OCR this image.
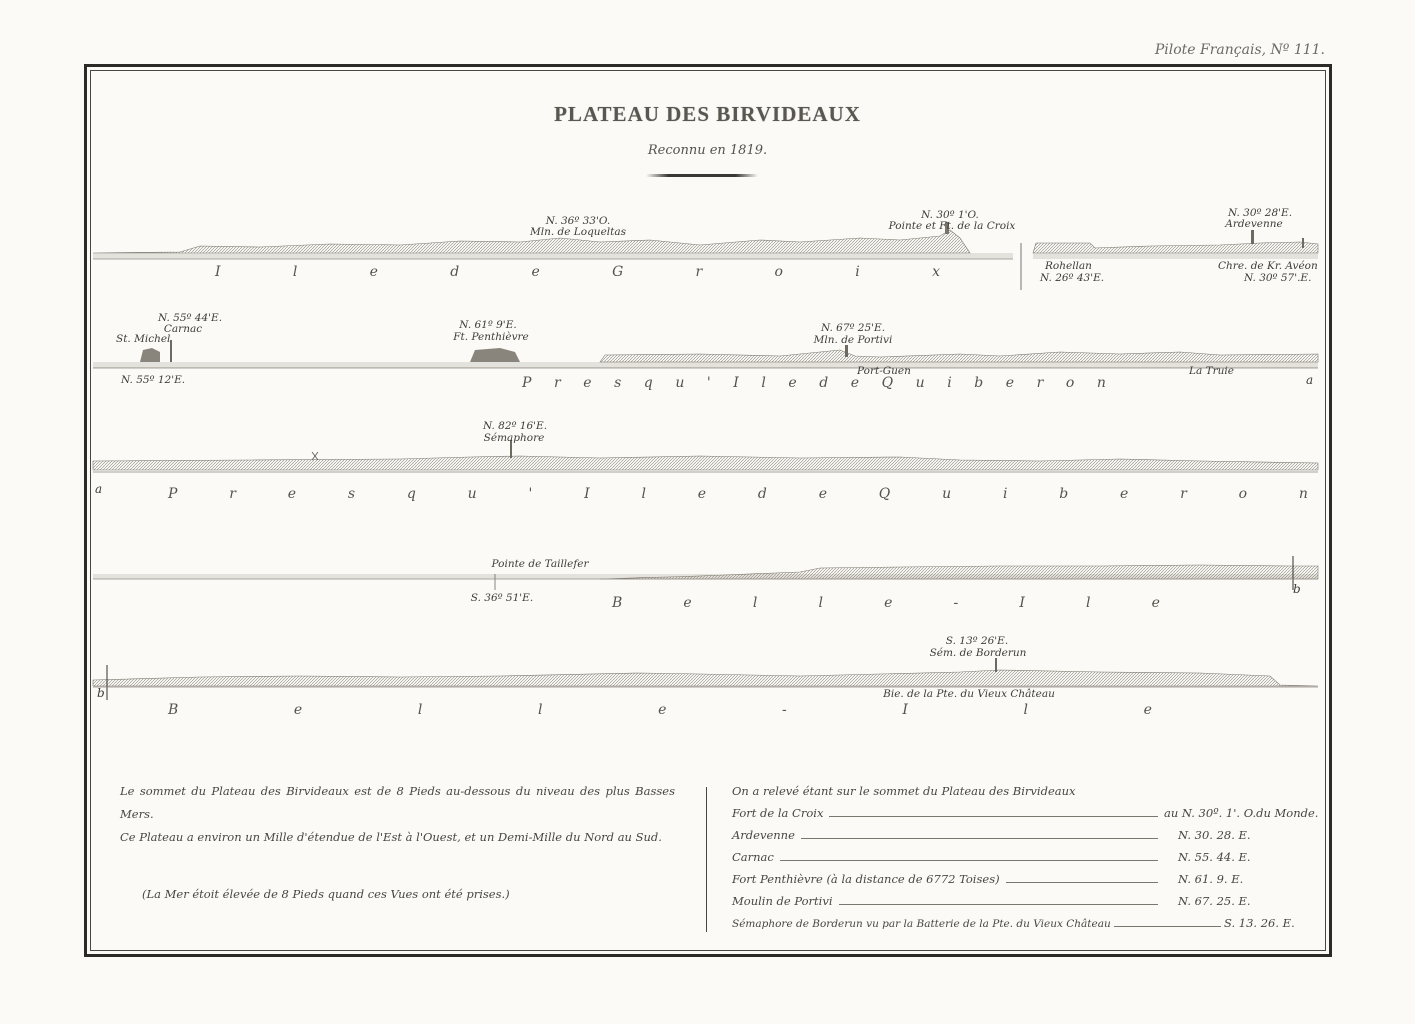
Pilote Français, Nº 111.
PLATEAU DES BIRVIDEAUX
Reconnu en 1819.
N. 36º 33'O.
Mln. de Loqueltas
N. 30º 1'O.
Pointe et Ft. de la Croix
N. 30º 28'E.
Ardevenne
Rohellan
N. 26º 43'E.
Chre. de Kr. Avéon
N. 30º 57'.E.
I	l	e	d	e	G	r	o	i	x
St. Michel
N. 55º 44'E.
Carnac
N. 55º 12'E.
N. 61º 9'E.
Ft. Penthièvre
N. 67º 25'E.
Mln. de Portivi
Port-Guen	La Truie
a
P r e s q u ' I l e d e Q u i b e r o n
N. 82º 16'E.
Sémaphore
a	P	r	e	s	q	u	'	I	l	e	d	e	Q	u	i	b	e	r	o	n
Pointe de Taillefer
S. 36º 51'E.
b
B	e	l	l	e	-	I	l	e
S. 13º 26'E.
Sém. de Borderun
Bie. de la Pte. du Vieux Château
b
B	e	l	l	e	-	I	l	e

Le sommet du Plateau des Birvideaux est de 8 Pieds au-dessous du niveau des plus Basses Mers.

Ce Plateau a environ un Mille d'étendue de l'Est à l'Ouest, et un Demi-Mille du Nord au Sud.

(La Mer étoit élevée de 8 Pieds quand ces Vues ont été prises.)

On a relevé étant sur le sommet du Plateau des Birvideaux
Fort de la Croix	au N. 30º. 1'. O.du Monde.
Ardevenne	N. 30. 28. E.
Carnac	N. 55. 44. E.
Fort Penthièvre (à la distance de 6772 Toises)	N. 61. 9. E.
Moulin de Portivi	N. 67. 25. E.
Sémaphore de Borderun vu par la Batterie de la Pte. du Vieux Château	S. 13. 26. E.
